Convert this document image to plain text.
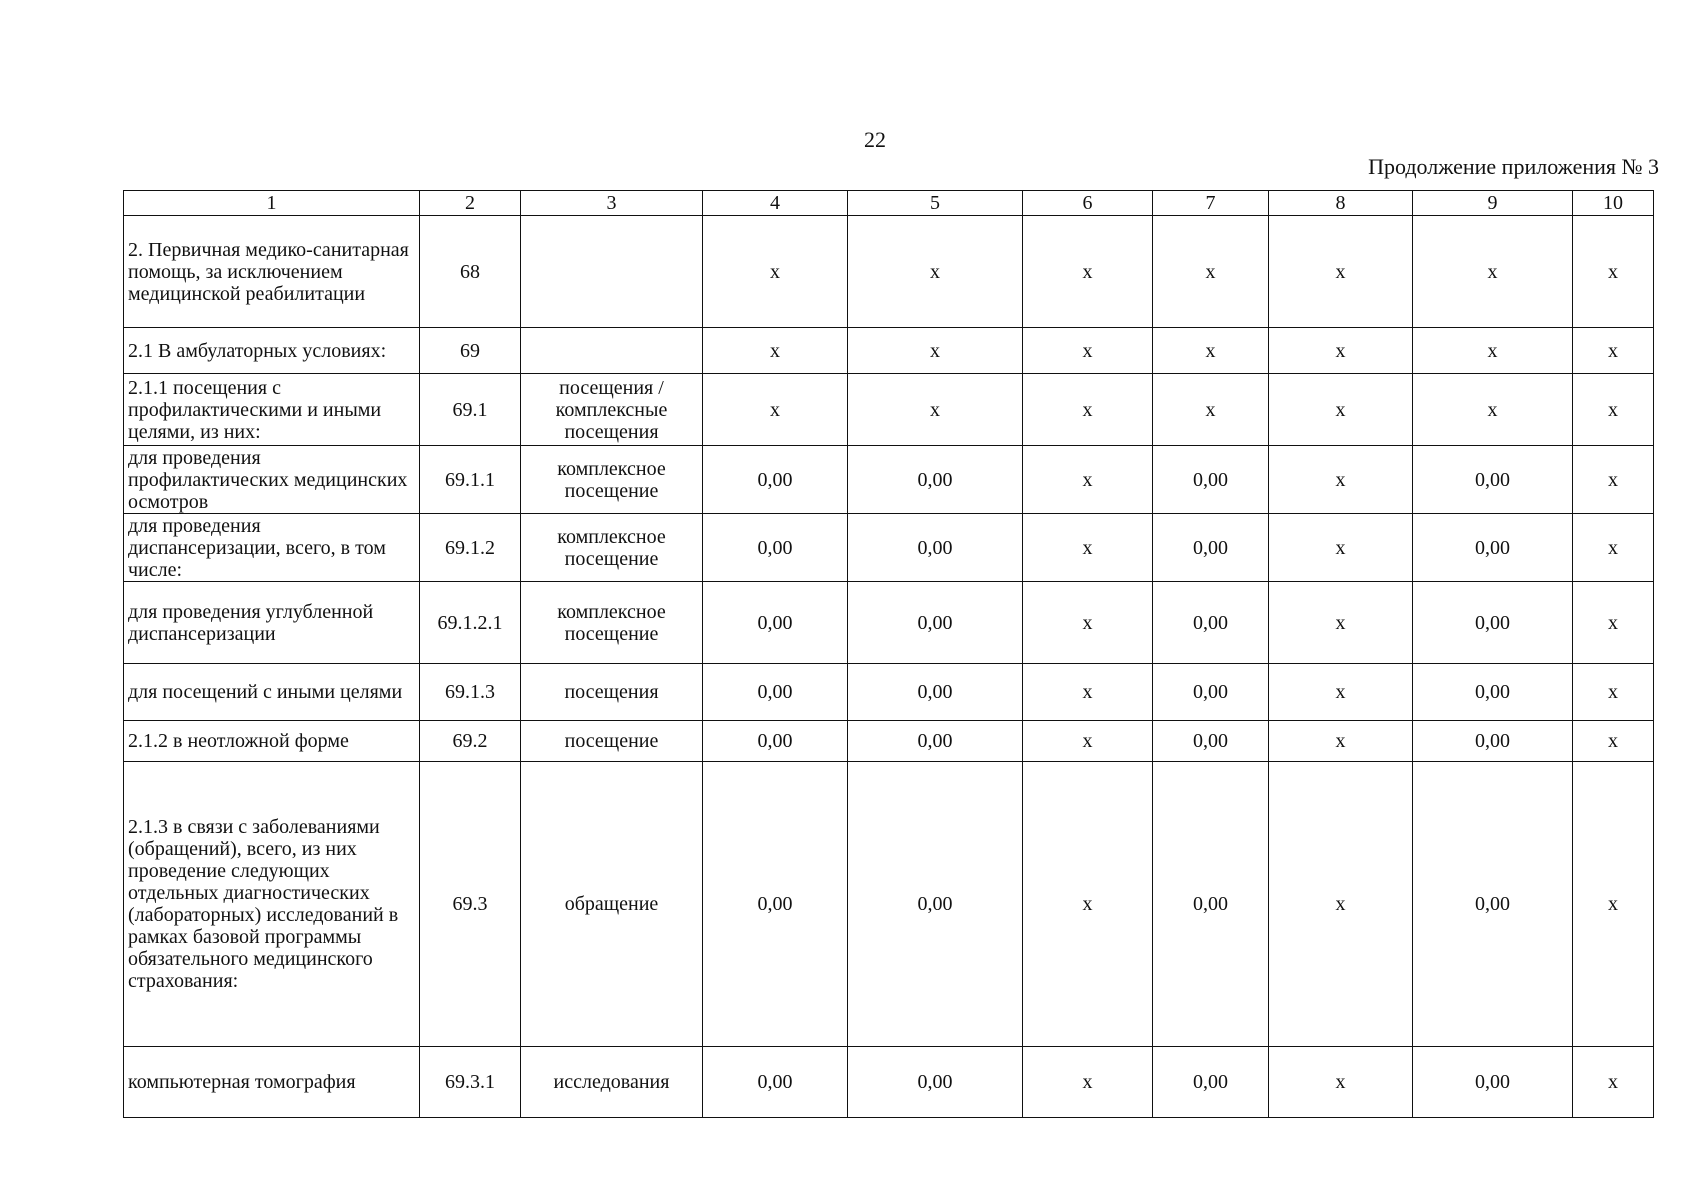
22
Продолжение приложения № 3
1	2	3	4	5	6	7	8	9	10
2. Первичная медико-санитарная помощь, за исключением медицинской реабилитации	68		х	х	х	х	х	х	х
2.1 В амбулаторных условиях:	69		х	х	х	х	х	х	х
2.1.1 посещения с профилактическими и иными целями, из них:	69.1	посещения / комплексные посещения	х	х	х	х	х	х	х
для проведения профилактических медицинских осмотров	69.1.1	комплексное посещение	0,00	0,00	х	0,00	х	0,00	х
для проведения диспансеризации, всего, в том числе:	69.1.2	комплексное посещение	0,00	0,00	х	0,00	х	0,00	х
для проведения углубленной диспансеризации	69.1.2.1	комплексное посещение	0,00	0,00	х	0,00	х	0,00	х
для посещений с иными целями	69.1.3	посещения	0,00	0,00	х	0,00	х	0,00	х
2.1.2 в неотложной форме	69.2	посещение	0,00	0,00	х	0,00	х	0,00	х
2.1.3 в связи с заболеваниями (обращений), всего, из них проведение следующих отдельных диагностических (лабораторных) исследований в рамках базовой программы обязательного медицинского страхования:	69.3	обращение	0,00	0,00	х	0,00	х	0,00	х
компьютерная томография	69.3.1	исследования	0,00	0,00	х	0,00	х	0,00	х
